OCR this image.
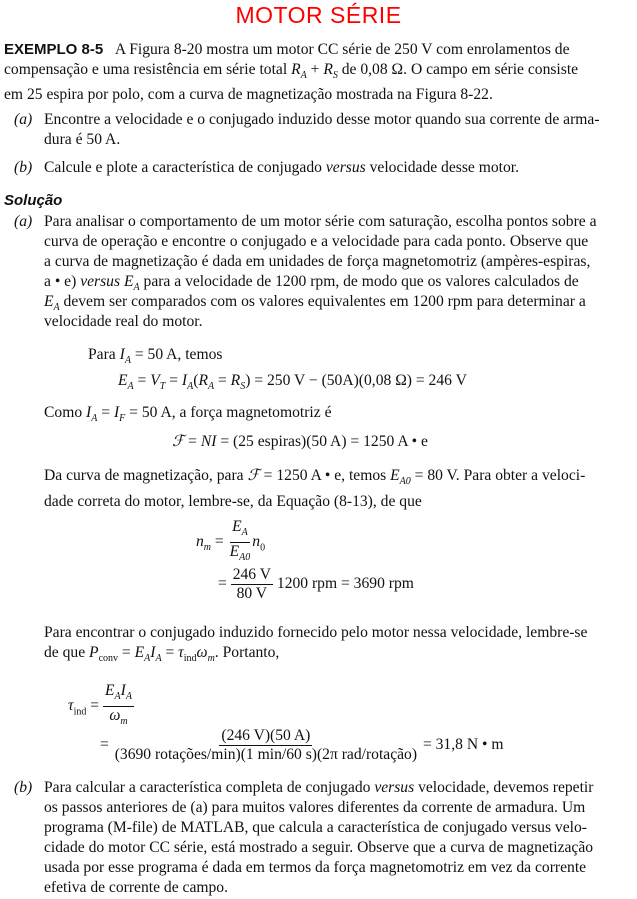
MOTOR SÉRIE
EXEMPLO 8-5 A Figura 8-20 mostra um motor CC série de 250 V com enrolamentos de
compensação e uma resistência em série total $R_A + R_S$ de 0,08 Ω. O campo em série consiste
em 25 espira por polo, com a curva de magnetização mostrada na Figura 8-22.
(a) Encontre a velocidade e o conjugado induzido desse motor quando sua corrente de arma-
dura é 50 A.
(b) Calcule e plote a característica de conjugado versus velocidade desse motor.
Solução
(a) Para analisar o comportamento de um motor série com saturação, escolha pontos sobre a
curva de operação e encontre o conjugado e a velocidade para cada ponto. Observe que
a curva de magnetização é dada em unidades de força magnetomotriz (ampères-espiras,
a • e) versus $E_A$ para a velocidade de 1200 rpm, de modo que os valores calculados de
$E_A$ devem ser comparados com os valores equivalentes em 1200 rpm para determinar a
velocidade real do motor.
Para $I_A = 50$ A, temos
$E_A = V_T = I_A(R_A = R_S) = 250$ V − (50A)(0,08 Ω) = 246 V
Como $I_A = I_F = 50$ A, a força magnetomotriz é
ℱ = NI = (25 espiras)(50 A) = 1250 A • e
Da curva de magnetização, para ℱ = 1250 A • e, temos $E_{A0} = 80$ V. Para obter a veloci-
dade correta do motor, lembre-se, da Equação (8-13), de que
$n_m = \frac{E_A}{E_{A0}} n_0$
= $\frac{246 V}{80 V} 1200$ rpm = 3690 rpm
Para encontrar o conjugado induzido fornecido pelo motor nessa velocidade, lembre-se
de que $P_{conv} = E_AI_A = \tau_{ind}\omega_m$. Portanto,
$\tau_{ind} = \frac{E_AI_A}{\omega_m}$
= $\frac{(246 V)(50 A)}{\text{(3690 rotações/min)(1 min/60 s)(2π rad/rotação)}} = 31,8$ N • m
(b) Para calcular a característica completa de conjugado versus velocidade, devemos repetir
os passos anteriores de (a) para muitos valores diferentes da corrente de armadura. Um
programa (M-file) de MATLAB, que calcula a característica de conjugado versus velo-
cidade do motor CC série, está mostrado a seguir. Observe que a curva de magnetização
usada por esse programa é dada em termos da força magnetomotriz em vez da corrente
efetiva de corrente de campo.
